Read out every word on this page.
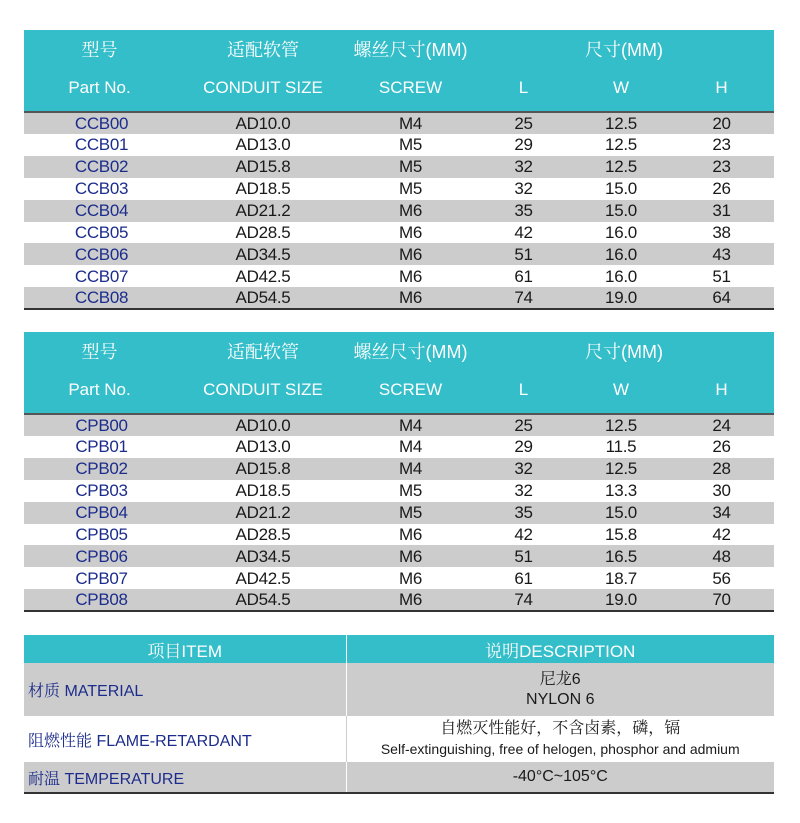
型号	适配软管	螺丝尺寸(MM)	尺寸(MM)		
Part No.	CONDUIT SIZE	SCREW	L	W	H
CCB00	AD10.0	M4	25	12.5	20
CCB01	AD13.0	M5	29	12.5	23
CCB02	AD15.8	M5	32	12.5	23
CCB03	AD18.5	M5	32	15.0	26
CCB04	AD21.2	M6	35	15.0	31
CCB05	AD28.5	M6	42	16.0	38
CCB06	AD34.5	M6	51	16.0	43
CCB07	AD42.5	M6	61	16.0	51
CCB08	AD54.5	M6	74	19.0	64
型号	适配软管	螺丝尺寸(MM)	尺寸(MM)		
Part No.	CONDUIT SIZE	SCREW	L	W	H
CPB00	AD10.0	M4	25	12.5	24
CPB01	AD13.0	M4	29	11.5	26
CPB02	AD15.8	M4	32	12.5	28
CPB03	AD18.5	M5	32	13.3	30
CPB04	AD21.2	M5	35	15.0	34
CPB05	AD28.5	M6	42	15.8	42
CPB06	AD34.5	M6	51	16.5	48
CPB07	AD42.5	M6	61	18.7	56
CPB08	AD54.5	M6	74	19.0	70
项目ITEM	说明DESCRIPTION
材质 MATERIAL	尼龙6
NYLON 6

阻燃性能 FLAME-RETARDANT	自燃灭性能好，不含卤素，磷，镉
Self-extinguishing, free of helogen, phosphor and admium

耐温 TEMPERATURE	-40°C~105°C
